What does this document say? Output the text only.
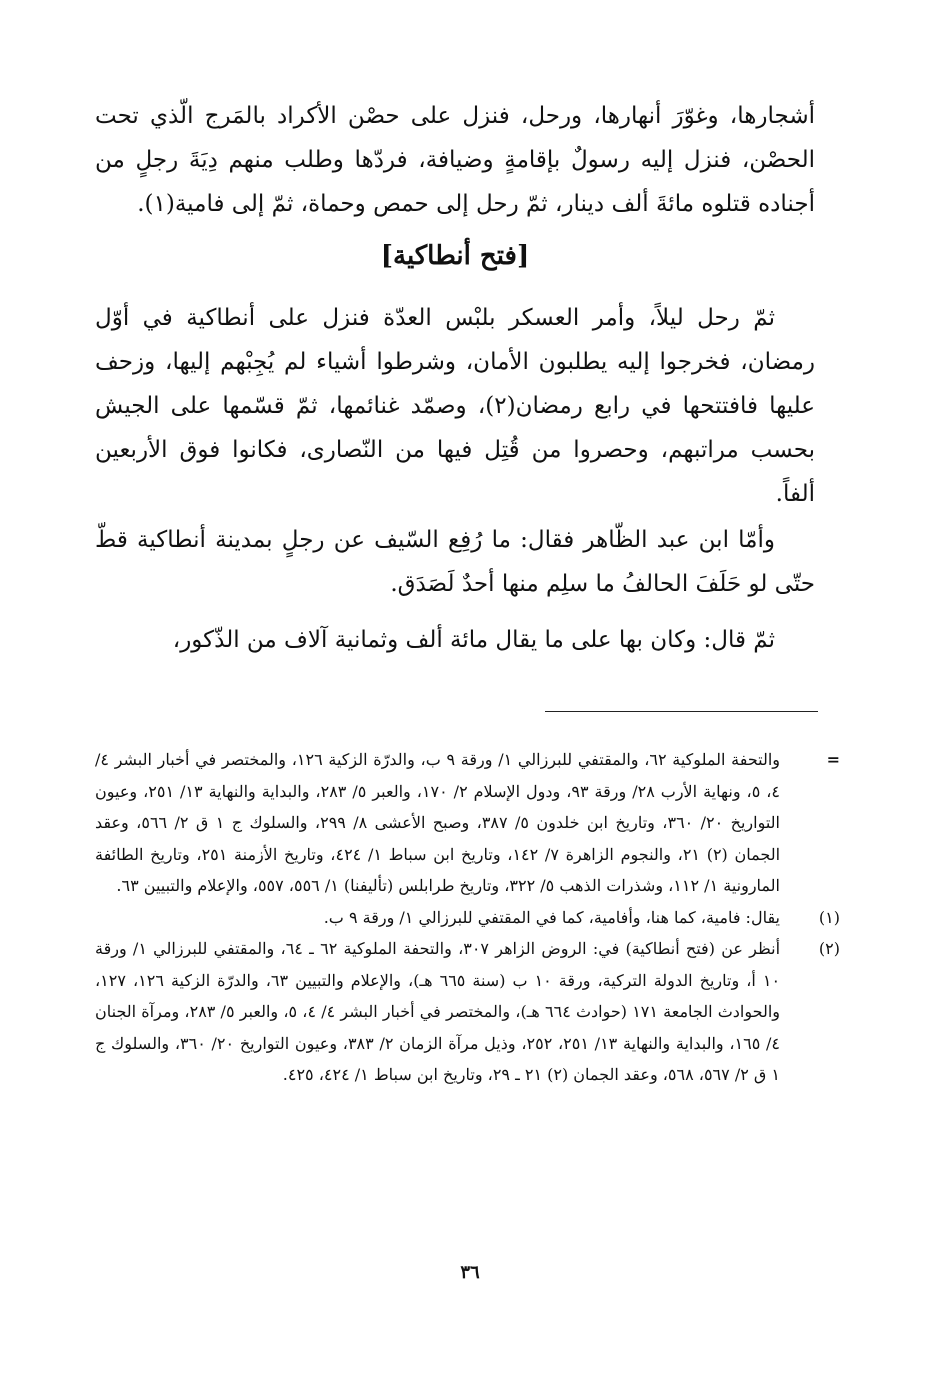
أشجارها، وغوّرَ أنهارها، ورحل، فنزل على حصْن الأكراد بالمَرج الّذي تحت الحصْن، فنزل إليه رسولٌ بإقامةٍ وضيافة، فردّها وطلب منهم دِيَةَ رجلٍ من أجناده قتلوه مائةَ ألف دينار، ثمّ رحل إلى حمص وحماة، ثمّ إلى فامية(١).

[فتح أنطاكية]

ثمّ رحل ليلاً، وأمر العسكر بلبْس العدّة فنزل على أنطاكية في أوّل رمضان، فخرجوا إليه يطلبون الأمان، وشرطوا أشياء لم يُجِبْهم إليها، وزحف عليها فافتتحها في رابع رمضان(٢)، وصمّد غنائمها، ثمّ قسّمها على الجيش بحسب مراتبهم، وحصروا من قُتِل فيها من النّصارى، فكانوا فوق الأربعين ألفاً.

وأمّا ابن عبد الظّاهر فقال: ما رُفِع السّيف عن رجلٍ بمدينة أنطاكية قطّ حتّى لو حَلَفَ الحالفُ ما سلِم منها أحدٌ لَصَدَق.

ثمّ قال: وكان بها على ما يقال مائة ألف وثمانية آلاف من الذّكور،

=
والتحفة الملوكية ٦٢، والمقتفي للبرزالي ١/ ورقة ٩ ب، والدرّة الزكية ١٢٦، والمختصر في أخبار البشر ٤/ ٤، ٥، ونهاية الأرب ٢٨/ ورقة ٩٣، ودول الإسلام ٢/ ١٧٠، والعبر ٥/ ٢٨٣، والبداية والنهاية ١٣/ ٢٥١، وعيون التواريخ ٢٠/ ٣٦٠، وتاريخ ابن خلدون ٥/ ٣٨٧، وصبح الأعشى ٨/ ٢٩٩، والسلوك ج ١ ق ٢/ ٥٦٦، وعقد الجمان (٢) ٢١، والنجوم الزاهرة ٧/ ١٤٢، وتاريخ ابن سباط ١/ ٤٢٤، وتاريخ الأزمنة ٢٥١، وتاريخ الطائفة المارونية ١/ ١١٢، وشذرات الذهب ٥/ ٣٢٢، وتاريخ طرابلس (تأليفنا) ١/ ٥٥٦، ٥٥٧، والإعلام والتبيين ٦٣.
(١)
يقال: فامية، كما هنا، وأفامية، كما في المقتفي للبرزالي ١/ ورقة ٩ ب.
(٢)
أنظر عن (فتح أنطاكية) في: الروض الزاهر ٣٠٧، والتحفة الملوكية ٦٢ ـ ٦٤، والمقتفي للبرزالي ١/ ورقة ١٠ أ، وتاريخ الدولة التركية، ورقة ١٠ ب (سنة ٦٦٥ هـ)، والإعلام والتبيين ٦٣، والدرّة الزكية ١٢٦، ١٢٧، والحوادث الجامعة ١٧١ (حوادث ٦٦٤ هـ)، والمختصر في أخبار البشر ٤/ ٤، ٥، والعبر ٥/ ٢٨٣، ومرآة الجنان ٤/ ١٦٥، والبداية والنهاية ١٣/ ٢٥١، ٢٥٢، وذيل مرآة الزمان ٢/ ٣٨٣، وعيون التواريخ ٢٠/ ٣٦٠، والسلوك ج ١ ق ٢/ ٥٦٧، ٥٦٨، وعقد الجمان (٢) ٢١ ـ ٢٩، وتاريخ ابن سباط ١/ ٤٢٤، ٤٢٥.
٣٦
